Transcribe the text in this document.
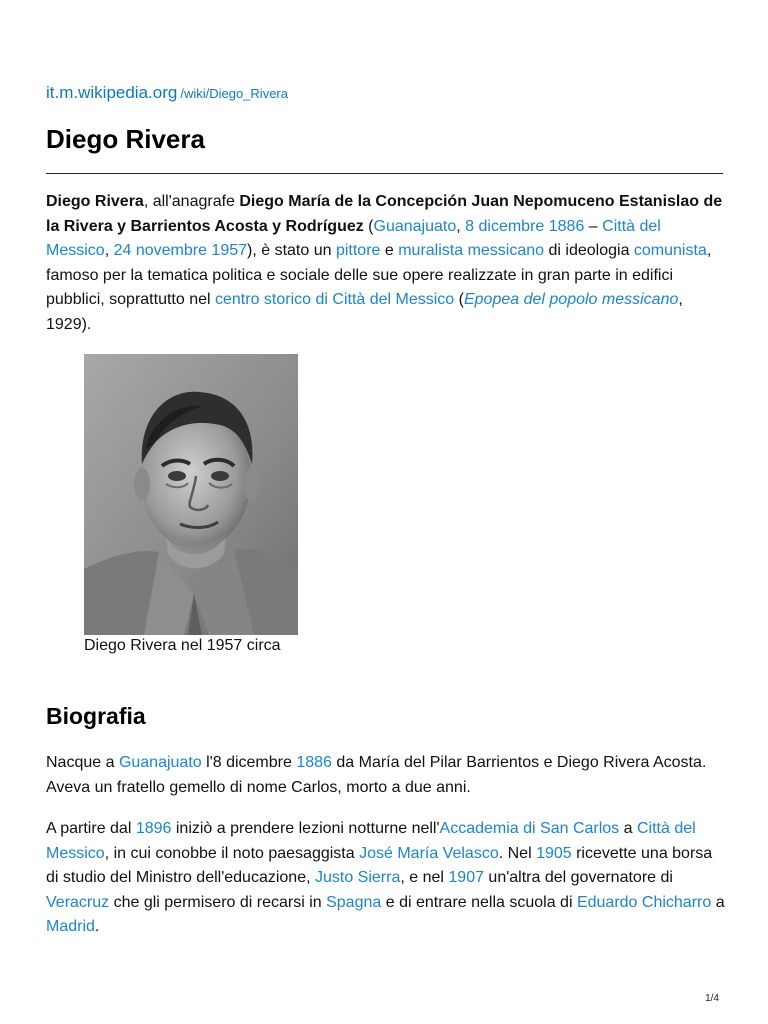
it.m.wikipedia.org /wiki/Diego_Rivera
Diego Rivera

Diego Rivera, all'anagrafe Diego María de la Concepción Juan Nepomuceno Estanislao de la Rivera y Barrientos Acosta y Rodríguez (Guanajuato, 8 dicembre 1886 – Città del Messico, 24 novembre 1957), è stato un pittore e muralista messicano di ideologia comunista, famoso per la tematica politica e sociale delle sue opere realizzate in gran parte in edifici pubblici, soprattutto nel centro storico di Città del Messico (Epopea del popolo messicano, 1929).

Diego Rivera nel 1957 circa

Biografia

Nacque a Guanajuato l'8 dicembre 1886 da María del Pilar Barrientos e Diego Rivera Acosta. Aveva un fratello gemello di nome Carlos, morto a due anni.

A partire dal 1896 iniziò a prendere lezioni notturne nell'Accademia di San Carlos a Città del Messico, in cui conobbe il noto paesaggista José María Velasco. Nel 1905 ricevette una borsa di studio del Ministro dell'educazione, Justo Sierra, e nel 1907 un'altra del governatore di Veracruz che gli permisero di recarsi in Spagna e di entrare nella scuola di Eduardo Chicharro a Madrid.

1/4
